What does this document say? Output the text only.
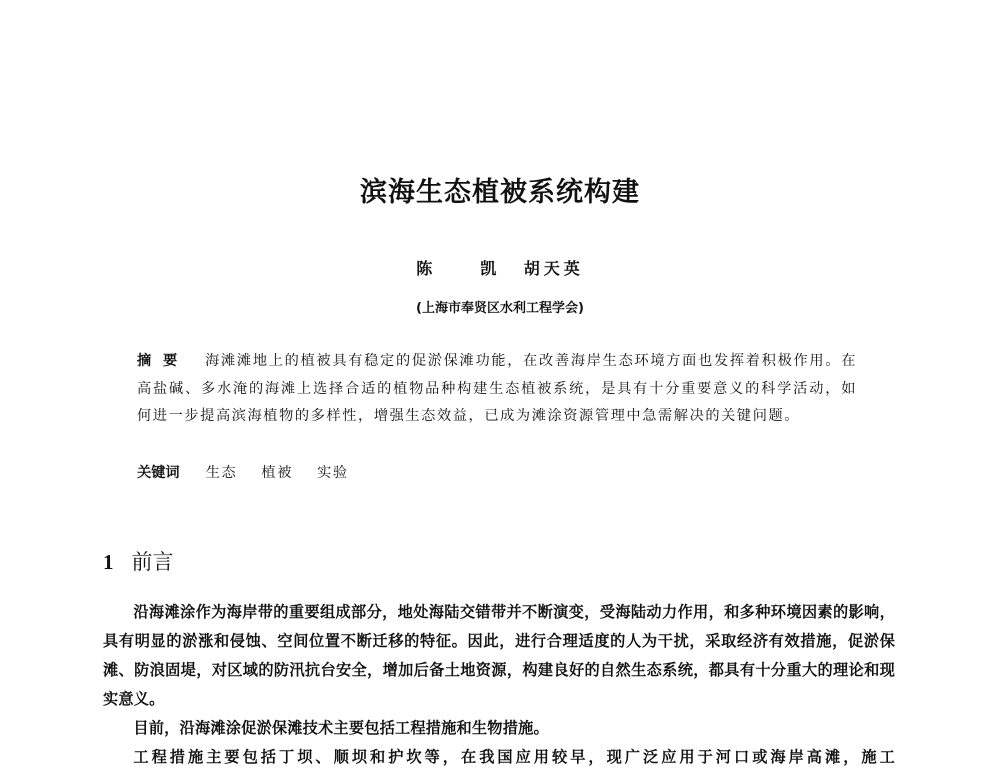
滨海生态植被系统构建
陈　凯 胡天英
(上海市奉贤区水利工程学会)
摘 要 海滩滩地上的植被具有稳定的促淤保滩功能，在改善海岸生态环境方面也发挥着积极作用。在高盐碱、多水淹的海滩上选择合适的植物品种构建生态植被系统，是具有十分重要意义的科学活动，如何进一步提高滨海植物的多样性，增强生态效益，已成为滩涂资源管理中急需解决的关键问题。
关键词 生态 植被 实验
1 前言

沿海滩涂作为海岸带的重要组成部分，地处海陆交错带并不断演变，受海陆动力作用，和多种环境因素的影响，具有明显的淤涨和侵蚀、空间位置不断迁移的特征。因此，进行合理适度的人为干扰，采取经济有效措施，促淤保滩、防浪固堤，对区域的防汛抗台安全，增加后备土地资源，构建良好的自然生态系统，都具有十分重大的理论和现实意义。

目前，沿海滩涂促淤保滩技术主要包括工程措施和生物措施。

工程措施主要包括丁坝、顺坝和护坎等，在我国应用较早，现广泛应用于河口或海岸高滩，施工
